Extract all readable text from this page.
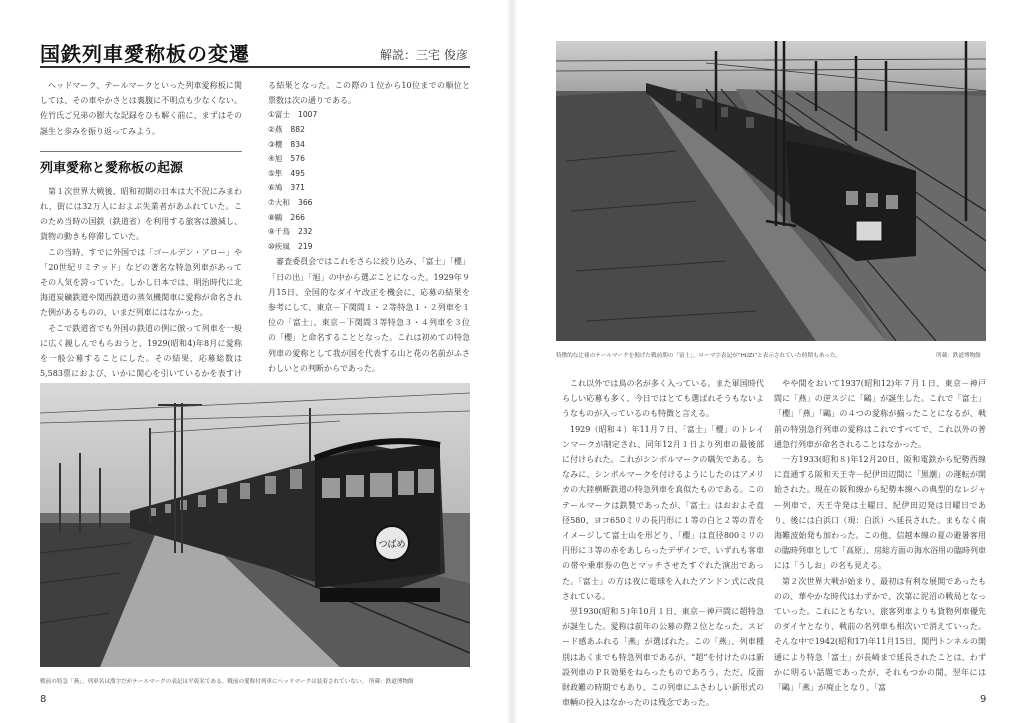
国鉄列車愛称板の変遷	解説：三宅 俊彦

ヘッドマーク、テールマークといった列車愛称板に関しては、その車やかさとは裏腹に不明点も少なくない。佐竹氏ご兄弟の膨大な記録をひも解く前に、まずはその誕生と歩みを振り返ってみよう。

列車愛称と愛称板の起源

第１次世界大戦後、昭和初期の日本は大不況にみまわれ、街には32万人におよぶ失業者があふれていた。このため当時の国鉄（鉄道省）を利用する旅客は激減し、貨物の動きも停滞していた。

この当時、すでに外国では「ゴールデン・アロー」や「20世紀リミテッド」などの著名な特急列車があってその人気を誇っていた。しかし日本では、明治時代に北海道炭礦鉄道や関西鉄道の蒸気機関車に愛称が命名された例があるものの、いまだ列車にはなかった。

そこで鉄道省でも外国の鉄道の例に倣って列車を一般に広く親しんでもらおうと、1929(昭和4)年8月に愛称を一般公募することにした。その結果、応募総数は5,583票におよび、いかに関心を引いているかを表すけ

る結果となった。この際の１位から10位までの順位と票数は次の通りである。

①富士 1007
②燕 882
③櫻 834
④旭 576
⑤隼 495
⑥鳩 371
⑦大和 366
⑧鷗 266
⑨千鳥 232
⑩疾風 219

審査委員会ではこれをさらに絞り込み、「富士」「櫻」「日の出」「旭」の中から選ぶことになった。1929年９月15日、全国的なダイヤ改正を機会に、応募の結果を参考にして、東京－下関間１・２等特急１・２列車を１位の「富士」、東京－下関間３等特急３・４列車を３位の「櫻」と命名することとなった。これは初めての特急列車の愛称として我が国を代表する山と花の名前がふさわしいとの判断からであった。

つばめ
戦前の特急「燕」。列車名は漢字だがテールマークの表記は平仮名である。戦前の愛称付列車にヘッドマークは装着されていない。 所蔵：鉄道博物館
8
特徴的な辻褄のテールマークを掲げた戦前期の「富士」。ローマ字表記が“HUZI”と表示されていた時期もあった。	所蔵：鉄道博物館

これ以外では鳥の名が多く入っている。また軍国時代らしい応募も多く、今日ではとても選ばれそうもないようなものが入っているのも特徴と言える。

1929（昭和４）年11月７日、「富士」「櫻」のトレインマークが制定され、同年12月１日より列車の最後部に付けられた。これがシンボルマークの嚆矢である。ちなみに、シンボルマークを付けるようにしたのはアメリカの大陸横断鉄道の特急列車を真似たものである。このテールマークは鉄製であったが、「富士」はおおよそ直径580、ヨコ650ミリの長円形に１等の白と２等の青をイメージして富士山を形どり、「櫻」は直径800ミリの円形に３等の赤をあしらったデザインで、いずれも客車の帯や乗車券の色とマッチさせたすぐれた演出であった。「富士」の方は夜に電球を入れたアンドン式に改良されている。

翌1930(昭和５)年10月１日、東京－神戸間に超特急が誕生した。愛称は前年の公募の際２位となった、スピード感あふれる「燕」が選ばれた。この「燕」、列車種別はあくまでも特急列車であるが、“超”を付けたのは新設列車のＰＲ効果をねらったものであろう。ただ、反面財政難の時期でもあり、この列車にふさわしい新形式の車輌の投入はなかったのは残念であった。

やや間をおいて1937(昭和12)年７月１日、東京－神戸間に「燕」の逆スジに「鷗」が誕生した。これで「富士」「櫻」「燕」「鷗」の４つの愛称が揃ったことになるが、戦前の特別急行列車の愛称はこれですべてで、これ以外の普通急行列車が命名されることはなかった。

一方1933(昭和８)年12月20日、阪和電鉄から紀勢西線に直通する阪和天王寺－紀伊田辺間に「黒潮」の運転が開始された。現在の阪和線から紀勢本線への典型的なレジャー列車で、天王寺発は土曜日、紀伊田辺発は日曜日であり、後には白浜口（現：白浜）へ延長された。まもなく南海難波始発も加わった。この他、信越本線の夏の避暑客用の臨時列車として「高原」、房総方面の海水浴用の臨時列車には「うしお」の名も見える。

第２次世界大戦が始まり、最初は有利な展開であったものの、華やかな時代はわずかで、次第に泥沼の戦局となっていった。これにともない、旅客列車よりも貨物列車優先のダイヤとなり、戦前の名列車も相次いで消えていった。そんな中で1942(昭和17)年11月15日、関門トンネルの開通により特急「富士」が長崎まで延長されたことは、わずかに明るい話題であったが、それもつかの間、翌年には「鷗」「燕」が廃止となり、「富

9
